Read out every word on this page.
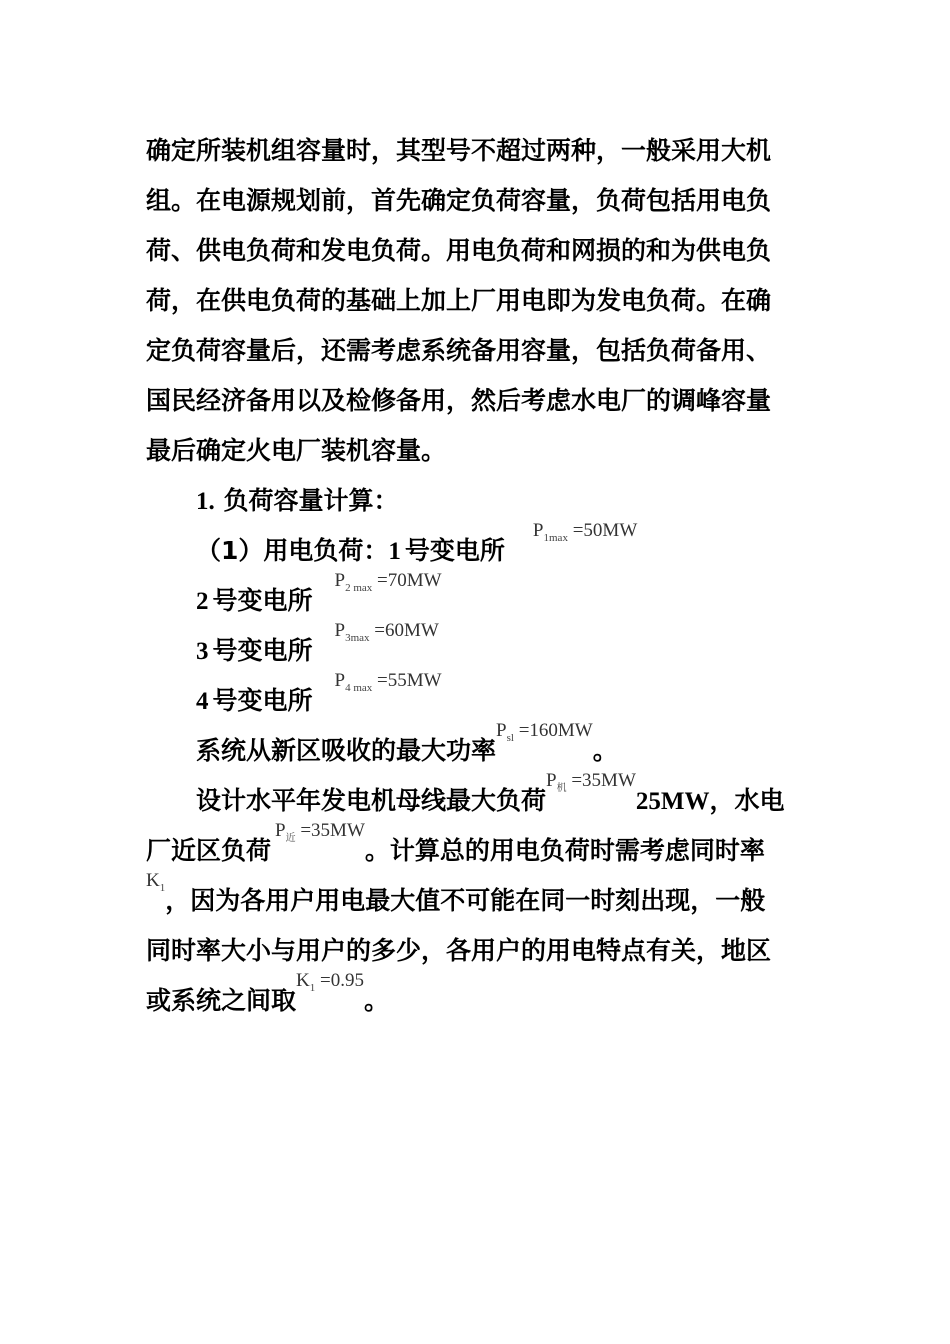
确定所装机组容量时，其型号不超过两种，一般采用大机
组。在电源规划前，首先确定负荷容量，负荷包括用电负
荷、供电负荷和发电负荷。用电负荷和网损的和为供电负
荷，在供电负荷的基础上加上厂用电即为发电负荷。在确
定负荷容量后，还需考虑系统备用容量，包括负荷备用、
国民经济备用以及检修备用，然后考虑水电厂的调峰容量
最后确定火电厂装机容量。
1. 负荷容量计算：
（1）用电负荷：1 号变电所$P_{1max} =50MW$
2 号变电所$P_{2 max} =70MW$
3 号变电所$P_{3max} =60MW$
4 号变电所$P_{4 max} =55MW$
系统从新区吸收的最大功率$P_{sl} =160MW$。
设计水平年发电机母线最大负荷$P_机 =35MW25MW$，水电
厂近区负荷$P_近 =35MW$。计算总的用电负荷时需考虑同时率
$K_1$，因为各用户用电最大值不可能在同一时刻出现，一般
同时率大小与用户的多少，各用户的用电特点有关，地区
或系统之间取$K_1 =0.95$。
